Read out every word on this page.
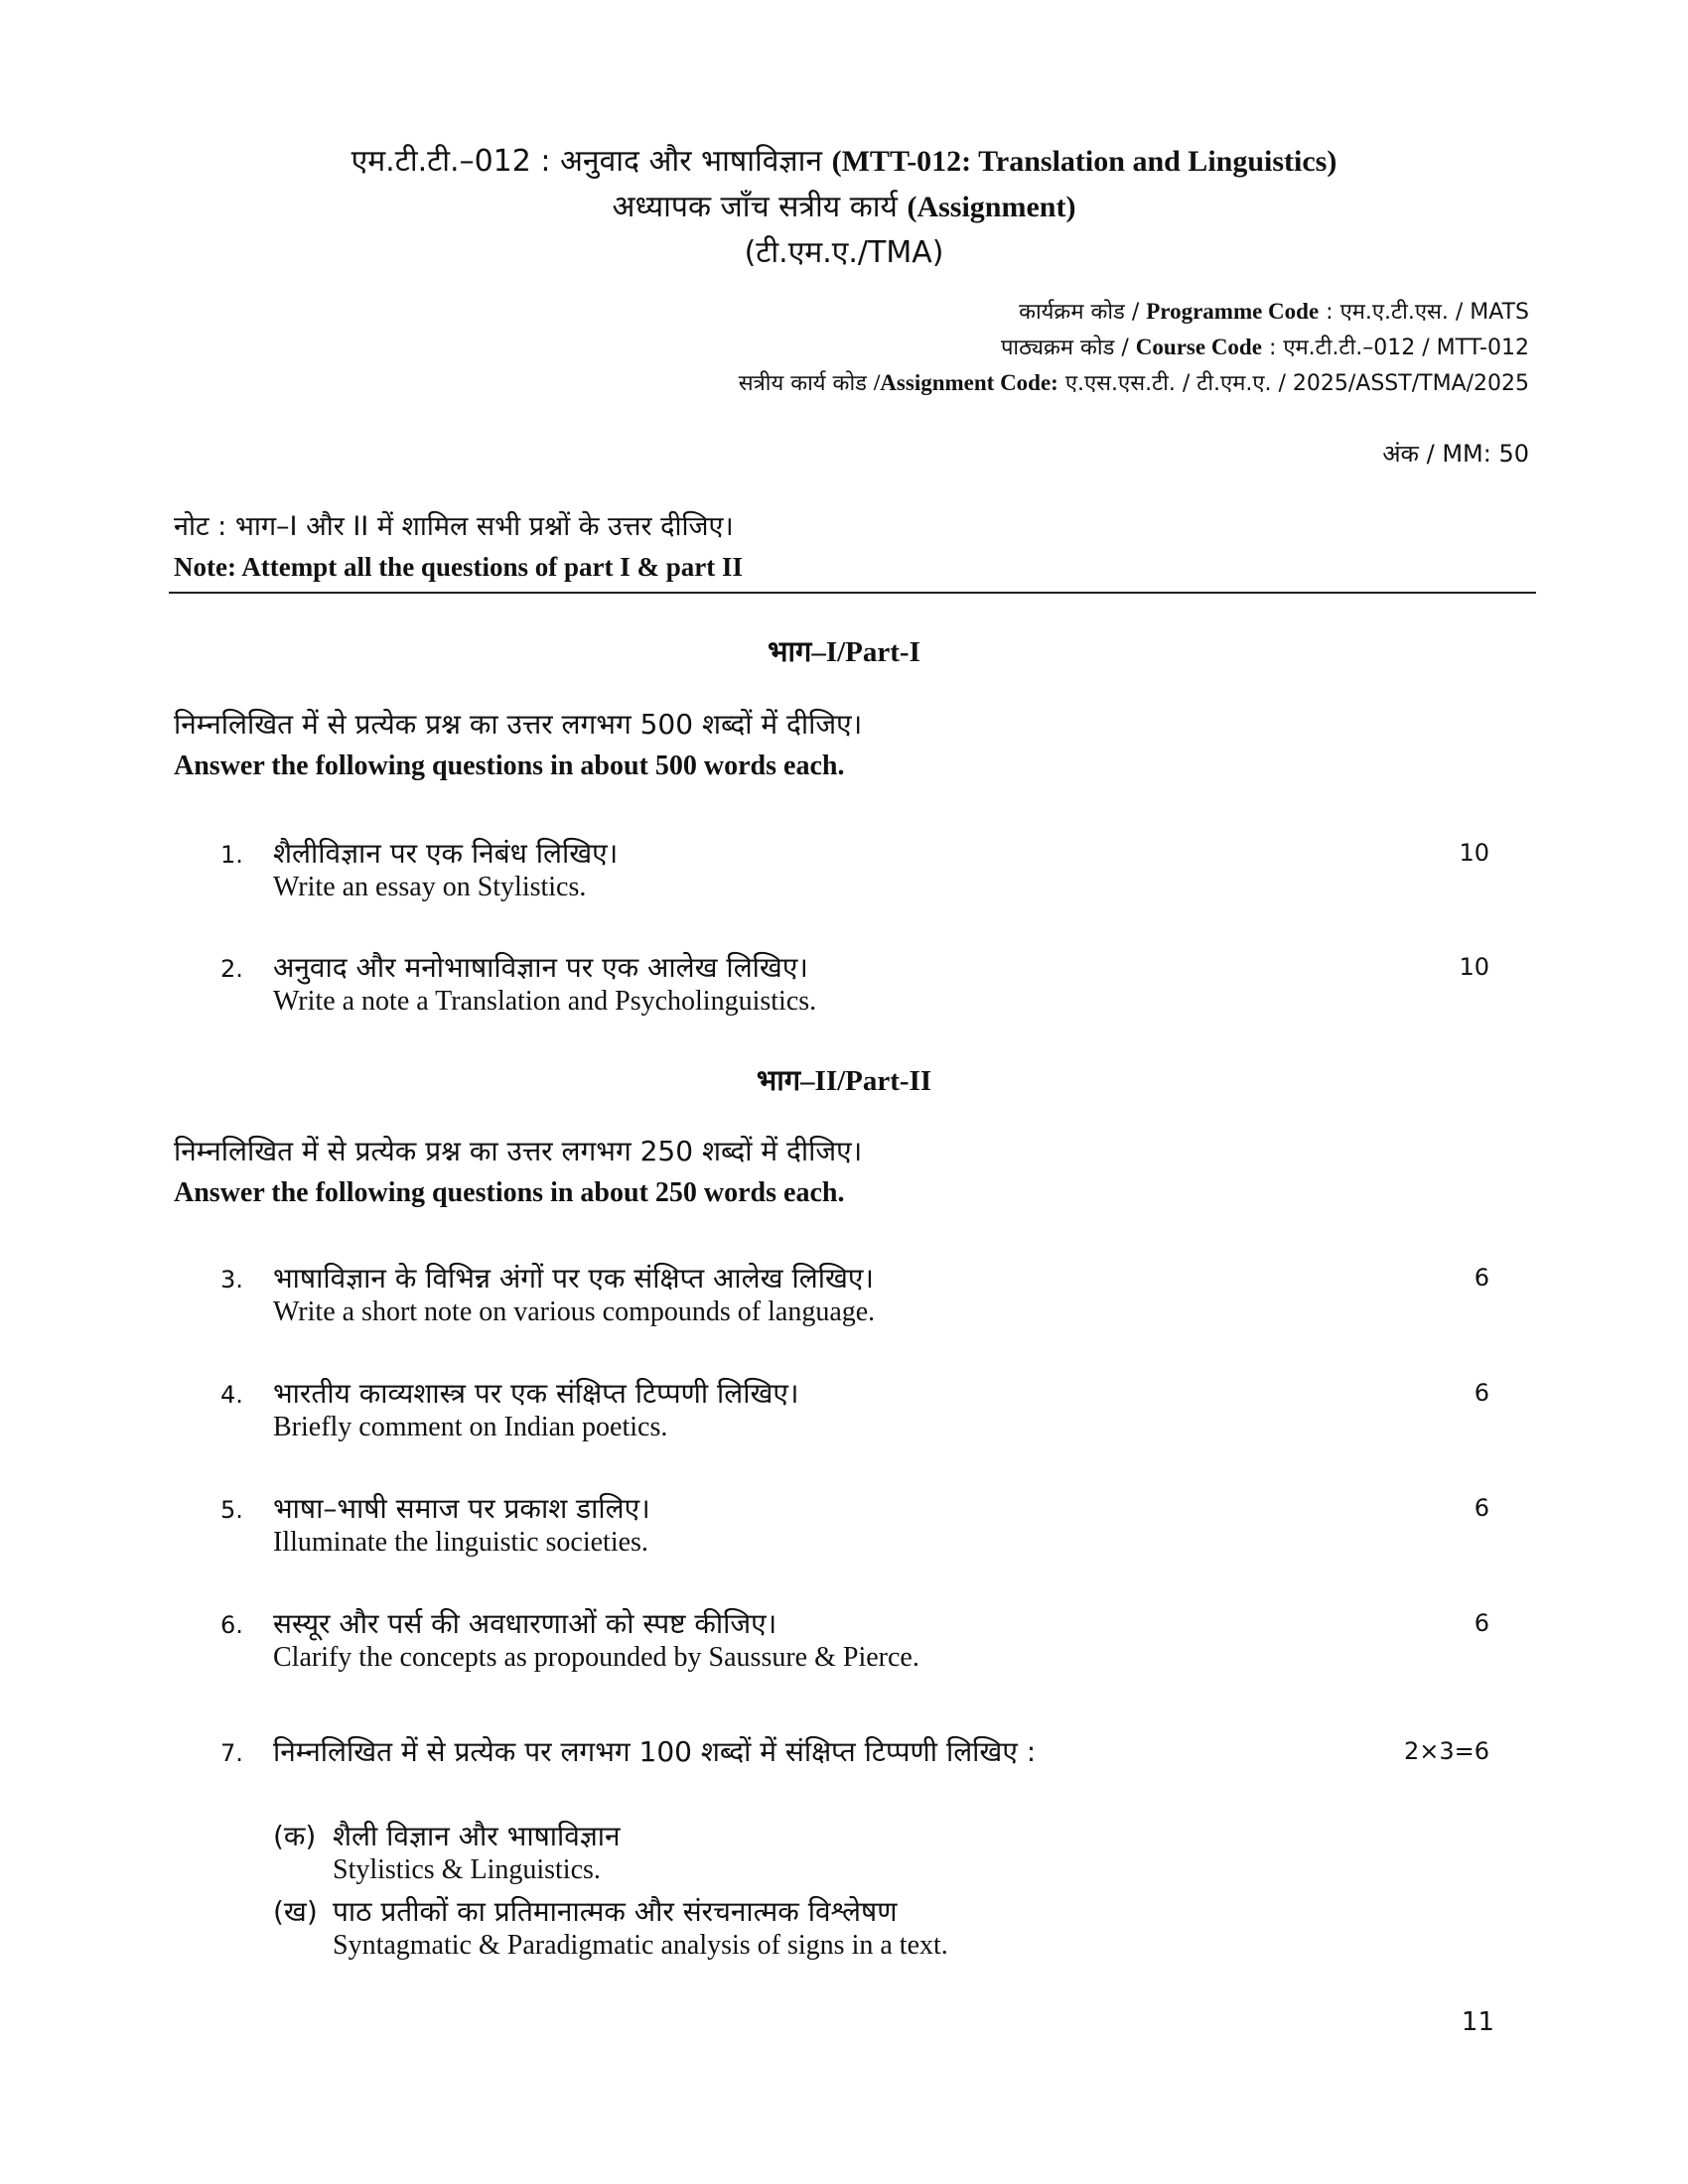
एम.टी.टी.–012 : अनुवाद और भाषाविज्ञान (MTT-012: Translation and Linguistics)
अध्यापक जाँच सत्रीय कार्य (Assignment)
(टी.एम.ए./TMA)
कार्यक्रम कोड / Programme Code : एम.ए.टी.एस. / MATS
पाठ्यक्रम कोड / Course Code : एम.टी.टी.–012 / MTT-012
सत्रीय कार्य कोड /Assignment Code: ए.एस.एस.टी. / टी.एम.ए. / 2025/ASST/TMA/2025
अंक / MM: 50
नोट : भाग–I और II में शामिल सभी प्रश्नों के उत्तर दीजिए।
Note: Attempt all the questions of part I & part II
भाग–I/Part-I
निम्नलिखित में से प्रत्येक प्रश्न का उत्तर लगभग 500 शब्दों में दीजिए।
Answer the following questions in about 500 words each.
1. शैलीविज्ञान पर एक निबंध लिखिए।
Write an essay on Stylistics.
10
2. अनुवाद और मनोभाषाविज्ञान पर एक आलेख लिखिए।
Write a note a Translation and Psycholinguistics.
10
भाग–II/Part-II
निम्नलिखित में से प्रत्येक प्रश्न का उत्तर लगभग 250 शब्दों में दीजिए।
Answer the following questions in about 250 words each.
3. भाषाविज्ञान के विभिन्न अंगों पर एक संक्षिप्त आलेख लिखिए।
Write a short note on various compounds of language.
6
4. भारतीय काव्यशास्त्र पर एक संक्षिप्त टिप्पणी लिखिए।
Briefly comment on Indian poetics.
6
5. भाषा–भाषी समाज पर प्रकाश डालिए।
Illuminate the linguistic societies.
6
6. सस्यूर और पर्स की अवधारणाओं को स्पष्ट कीजिए।
Clarify the concepts as propounded by Saussure & Pierce.
6
7. निम्नलिखित में से प्रत्येक पर लगभग 100 शब्दों में संक्षिप्त टिप्पणी लिखिए :	2×3=6
(क) शैली विज्ञान और भाषाविज्ञान
Stylistics & Linguistics.
(ख) पाठ प्रतीकों का प्रतिमानात्मक और संरचनात्मक विश्लेषण
Syntagmatic & Paradigmatic analysis of signs in a text.
11
